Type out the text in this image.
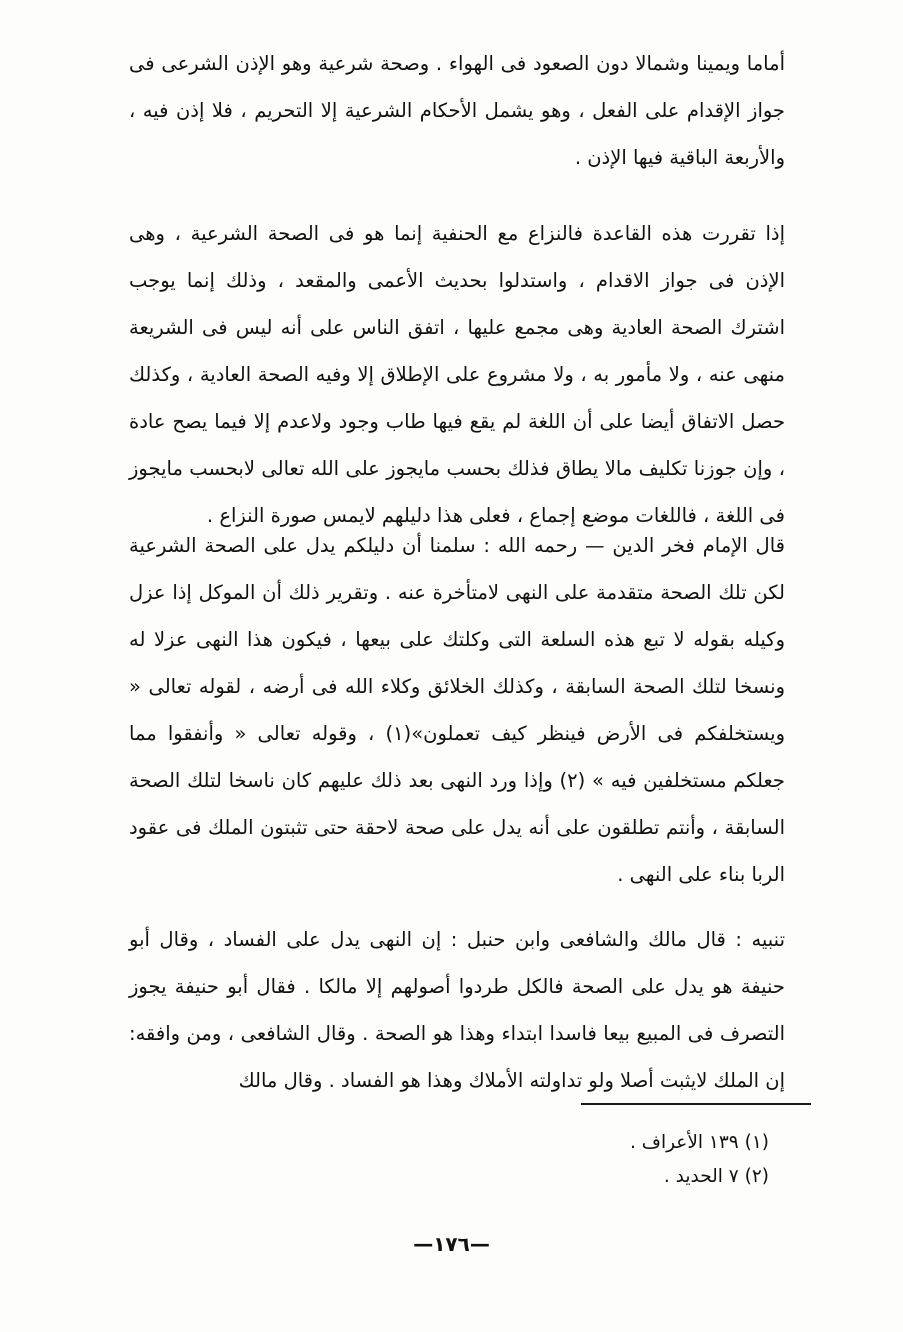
أماما ويمينا وشمالا دون الصعود فى الهواء . وصحة شرعية وهو الإذن الشرعى فى جواز الإقدام على الفعل ، وهو يشمل الأحكام الشرعية إلا التحريم ، فلا إذن فيه ، والأربعة الباقية فيها الإذن .

إذا تقررت هذه القاعدة فالنزاع مع الحنفية إنما هو فى الصحة الشرعية ، وهى الإذن فى جواز الاقدام ، واستدلوا بحديث الأعمى والمقعد ، وذلك إنما يوجب اشترك الصحة العادية وهى مجمع عليها ، اتفق الناس على أنه ليس فى الشريعة منهى عنه ، ولا مأمور به ، ولا مشروع على الإطلاق إلا وفيه الصحة العادية ، وكذلك حصل الاتفاق أيضا على أن اللغة لم يقع فيها طاب وجود ولاعدم إلا فيما يصح عادة ، وإن جوزنا تكليف مالا يطاق فذلك بحسب مايجوز على الله تعالى لابحسب مايجوز فى اللغة ، فاللغات موضع إجماع ، فعلى هذا دليلهم لايمس صورة النزاع .

قال الإمام فخر الدين — رحمه الله : سلمنا أن دليلكم يدل على الصحة الشرعية لكن تلك الصحة متقدمة على النهى لامتأخرة عنه . وتقرير ذلك أن الموكل إذا عزل وكيله بقوله لا تبع هذه السلعة التى وكلتك على بيعها ، فيكون هذا النهى عزلا له ونسخا لتلك الصحة السابقة ، وكذلك الخلائق وكلاء الله فى أرضه ، لقوله تعالى « ويستخلفكم فى الأرض فينظر كيف تعملون»(١) ، وقوله تعالى « وأنفقوا مما جعلكم مستخلفين فيه » (٢) وإذا ورد النهى بعد ذلك عليهم كان ناسخا لتلك الصحة السابقة ، وأنتم تطلقون على أنه يدل على صحة لاحقة حتى تثبتون الملك فى عقود الربا بناء على النهى .

تنبيه : قال مالك والشافعى وابن حنبل : إن النهى يدل على الفساد ، وقال أبو حنيفة هو يدل على الصحة فالكل طردوا أصولهم إلا مالكا . فقال أبو حنيفة يجوز التصرف فى المبيع بيعا فاسدا ابتداء وهذا هو الصحة . وقال الشافعى ، ومن وافقه: إن الملك لايثبت أصلا ولو تداولته الأملاك وهذا هو الفساد . وقال مالك

(١) ١٣٩ الأعراف .

(٢) ٧ الحديد .

—١٧٦—
